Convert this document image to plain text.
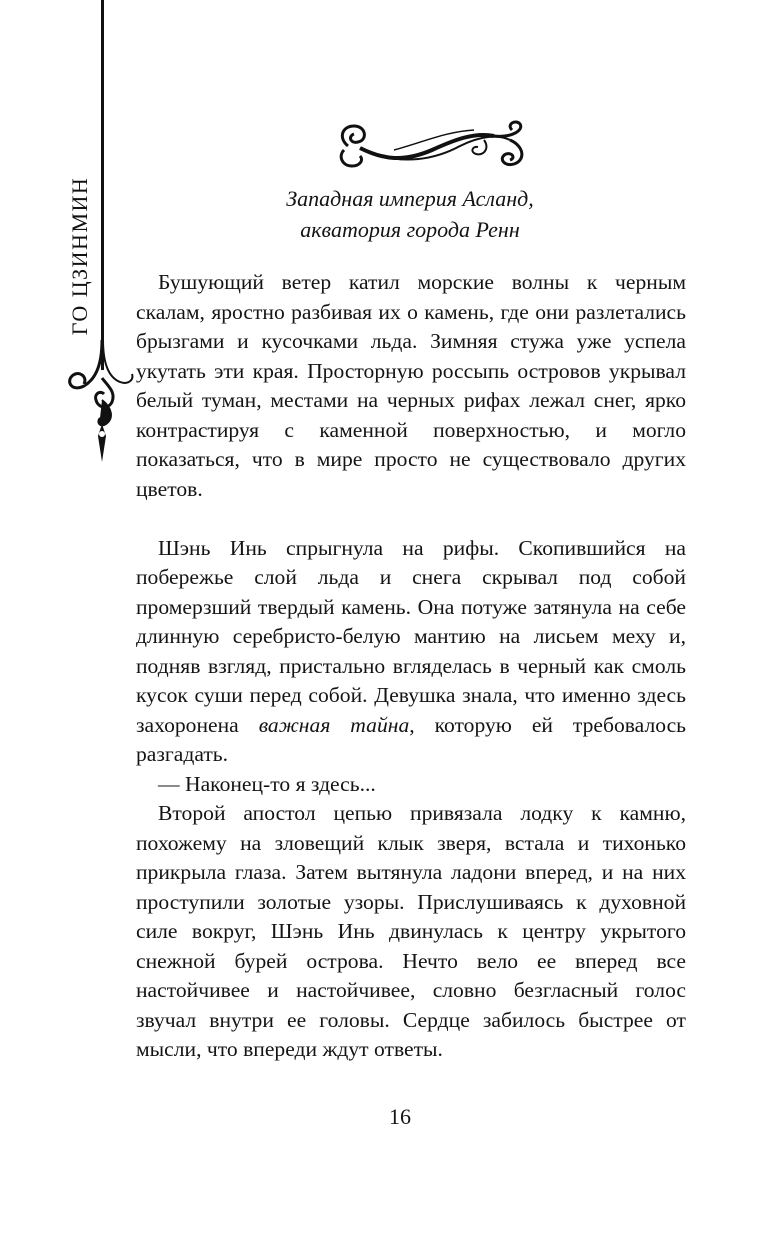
ГО ЦЗИНМИН	Западная империя Асланд,
акватория города Ренн

Бушующий ветер катил морские волны к черным скалам, яростно разбивая их о камень, где они разлетались брызгами и кусочками льда. Зимняя стужа уже успела укутать эти края. Просторную россыпь островов укрывал белый туман, местами на черных рифах лежал снег, ярко контрастируя с каменной поверхностью, и могло показаться, что в мире просто не существовало других цветов.

Шэнь Инь спрыгнула на рифы. Скопившийся на побережье слой льда и снега скрывал под собой промерзший твердый камень. Она потуже затянула на себе длинную серебристо-белую мантию на лисьем меху и, подняв взгляд, пристально вгляделась в черный как смоль кусок суши перед собой. Девушка знала, что именно здесь захоронена важная тайна, которую ей требовалось разгадать.

— Наконец-то я здесь...

Второй апостол цепью привязала лодку к камню, похожему на зловещий клык зверя, встала и тихонько прикрыла глаза. Затем вытянула ладони вперед, и на них проступили золотые узоры. Прислушиваясь к духовной силе вокруг, Шэнь Инь двинулась к центру укрытого снежной бурей острова. Нечто вело ее вперед все настойчивее и настойчивее, словно безгласный голос звучал внутри ее головы. Сердце забилось быстрее от мысли, что впереди ждут ответы.

16
